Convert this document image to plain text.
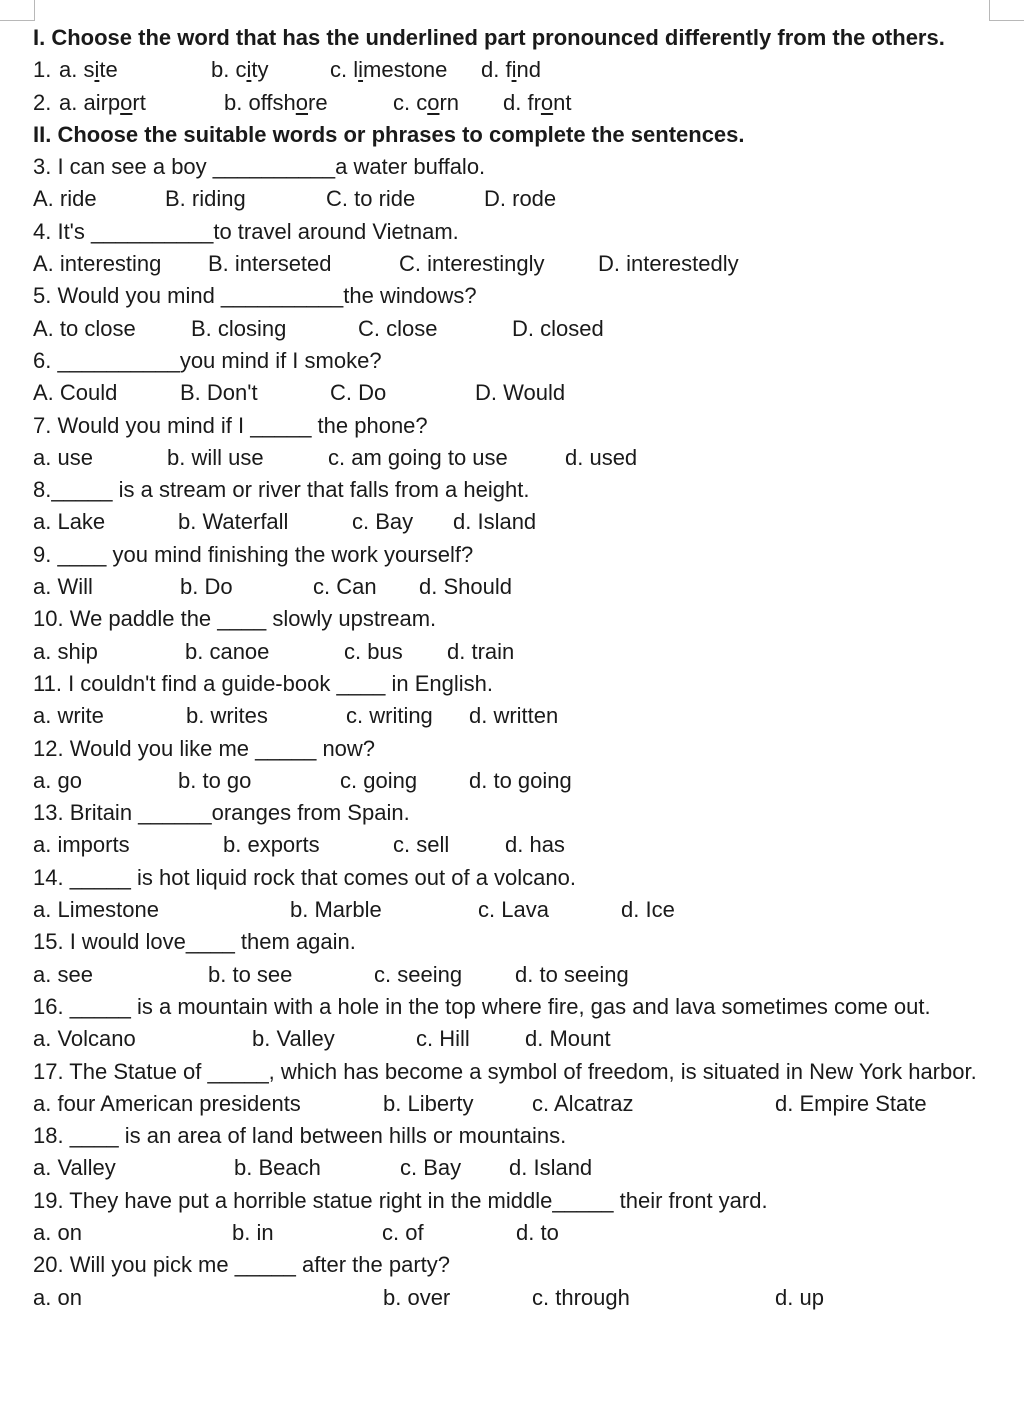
I. Choose the word that has the underlined part pronounced differently from the others.
1. a. site	b. city	c. limestone d. find
2. a. airport	b. offshore	c. corn d. front
II. Choose the suitable words or phrases to complete the sentences.
3. I can see a boy __________a water buffalo.
A. ride	B. riding	C. to ride	D. rode
4. It's __________to travel around Vietnam.
A. interesting B. interseted	C. interestingly D. interestedly
5. Would you mind __________the windows?
A. to close	B. closing	C. close	D. closed
6. __________you mind if I smoke?
A. Could	B. Don't	C. Do	D. Would
7. Would you mind if I _____ the phone?
a. use	b. will use	c. am going to use	d. used
8._____ is a stream or river that falls from a height.
a. Lake	b. Waterfall	c. Bay d. Island
9. ____ you mind finishing the work yourself?
a. Will	b. Do	c. Can d. Should
10. We paddle the ____ slowly upstream.
a. ship	b. canoe	c. bus d. train
11. I couldn't find a guide-book ____ in English.
a. write	b. writes	c. writing d. written
12. Would you like me _____ now?
a. go	b. to go	c. going d. to going
13. Britain ______oranges from Spain.
a. imports	b. exports	c. sell	d. has
14. _____ is hot liquid rock that comes out of a volcano.
a. Limestone	b. Marble	c. Lava	d. Ice
15. I would love____ them again.
a. see	b. to see	c. seeing d. to seeing
16. _____ is a mountain with a hole in the top where fire, gas and lava sometimes come out.
a. Volcano	b. Valley	c. Hill	d. Mount
17. The Statue of _____, which has become a symbol of freedom, is situated in New York harbor.
a. four American presidents	b. Liberty	c. Alcatraz	d. Empire State
18. ____ is an area of land between hills or mountains.
a. Valley	b. Beach	c. Bay d. Island
19. They have put a horrible statue right in the middle_____ their front yard.
a. on	b. in	c. of	d. to
20. Will you pick me _____ after the party?
a. on	b. over	c. through	d. up
